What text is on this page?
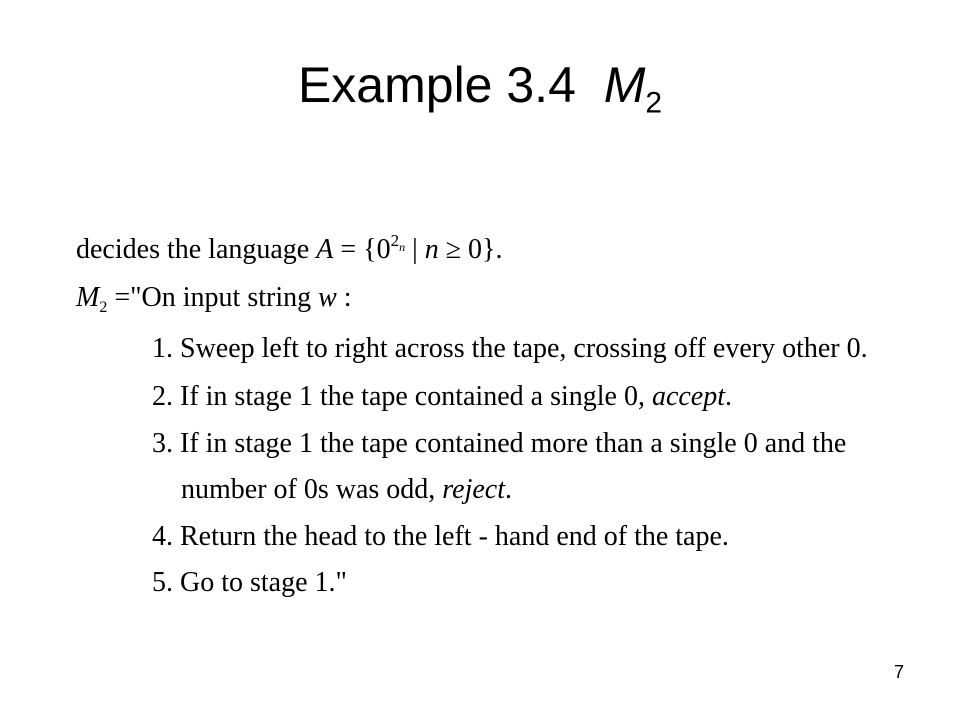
Example 3.4 $M_2$
decides the language $A = \{0^{2n}$ | n ≥ 0}.
$M_2$ ="On input string w :
1. Sweep left to right across the tape, crossing off every other 0.
2. If in stage 1 the tape contained a single 0, accept.
3. If in stage 1 the tape contained more than a single 0 and the
number of 0s was odd, reject.
4. Return the head to the left - hand end of the tape.
5. Go to stage 1."
7
